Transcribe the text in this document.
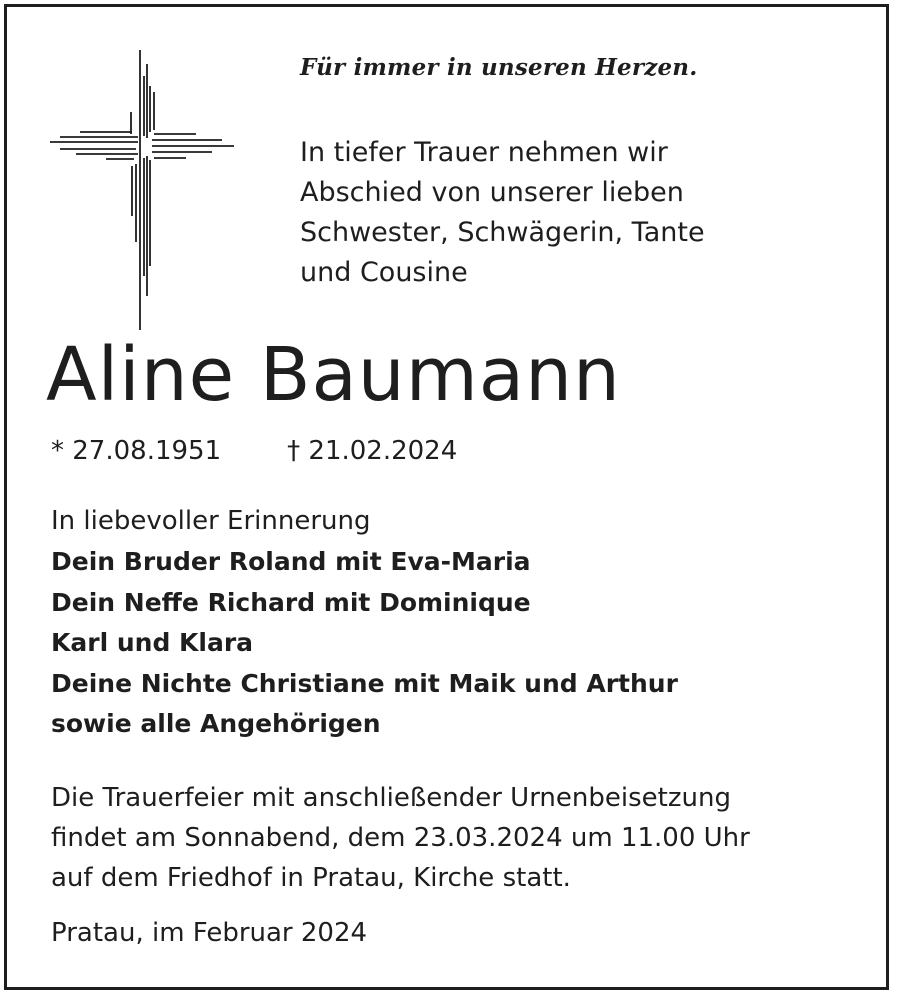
Für immer in unseren Herzen.
In tiefer Trauer nehmen wir
Abschied von unserer lieben
Schwester, Schwägerin, Tante
und Cousine
Aline Baumann
* 27.08.1951	† 21.02.2024
In liebevoller Erinnerung
Dein Bruder Roland mit Eva-Maria
Dein Neffe Richard mit Dominique
Karl und Klara
Deine Nichte Christiane mit Maik und Arthur
sowie alle Angehörigen
Die Trauerfeier mit anschließender Urnenbeisetzung
findet am Sonnabend, dem 23.03.2024 um 11.00 Uhr
auf dem Friedhof in Pratau, Kirche statt.
Pratau, im Februar 2024
